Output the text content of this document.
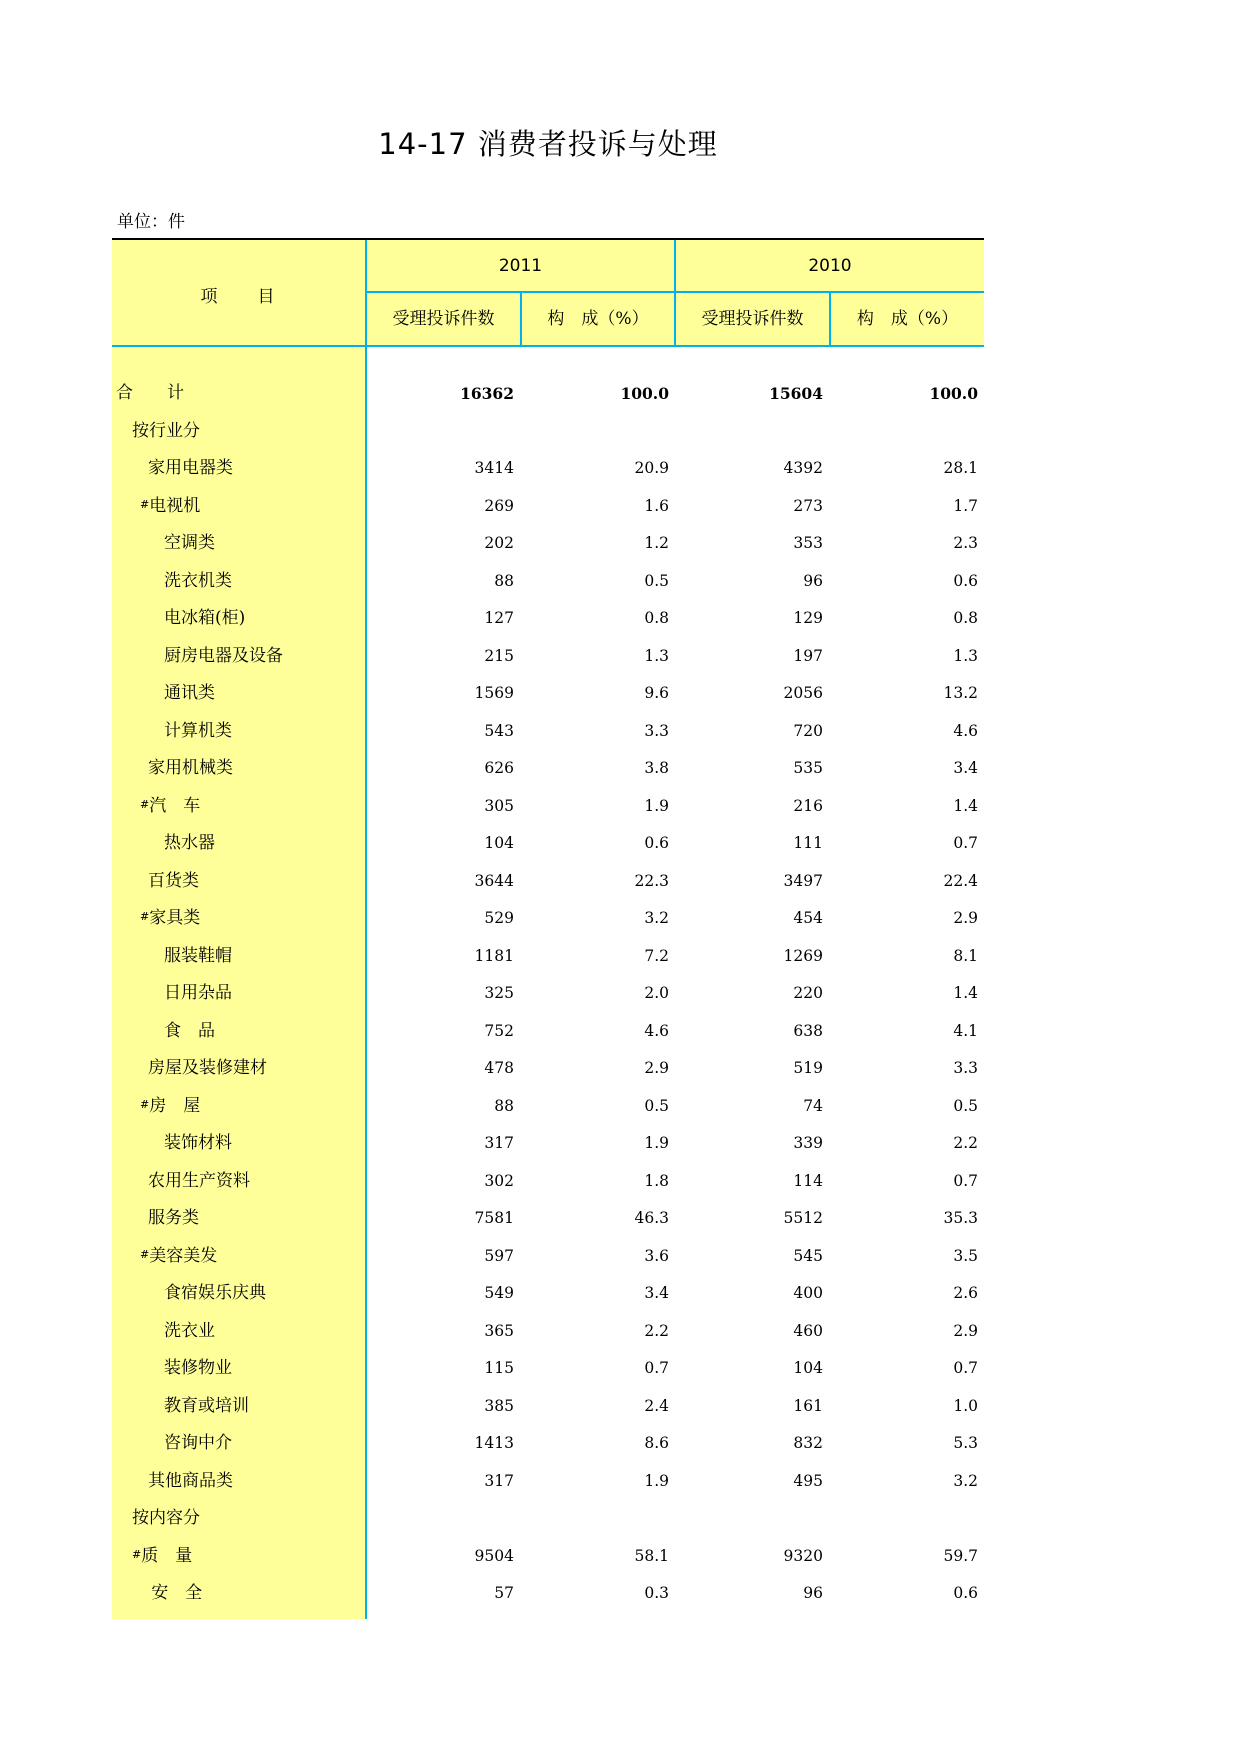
14-17 消费者投诉与处理
单位：件
项　　目
2011	2010
受理投诉件数	构　成（%）	受理投诉件数	构　成（%）
合　　计	16362	100.0	15604	100.0
按行业分
家用电器类	3414	20.9	4392	28.1
#电视机	269	1.6	273	1.7
空调类	202	1.2	353	2.3
洗衣机类	88	0.5	96	0.6
电冰箱(柜)	127	0.8	129	0.8
厨房电器及设备	215	1.3	197	1.3
通讯类	1569	9.6	2056	13.2
计算机类	543	3.3	720	4.6
家用机械类	626	3.8	535	3.4
#汽　车	305	1.9	216	1.4
热水器	104	0.6	111	0.7
百货类	3644	22.3	3497	22.4
#家具类	529	3.2	454	2.9
服装鞋帽	1181	7.2	1269	8.1
日用杂品	325	2.0	220	1.4
食　品	752	4.6	638	4.1
房屋及装修建材	478	2.9	519	3.3
#房　屋	88	0.5	74	0.5
装饰材料	317	1.9	339	2.2
农用生产资料	302	1.8	114	0.7
服务类	7581	46.3	5512	35.3
#美容美发	597	3.6	545	3.5
食宿娱乐庆典	549	3.4	400	2.6
洗衣业	365	2.2	460	2.9
装修物业	115	0.7	104	0.7
教育或培训	385	2.4	161	1.0
咨询中介	1413	8.6	832	5.3
其他商品类	317	1.9	495	3.2
按内容分
#质　量	9504	58.1	9320	59.7
安　全	57	0.3	96	0.6
